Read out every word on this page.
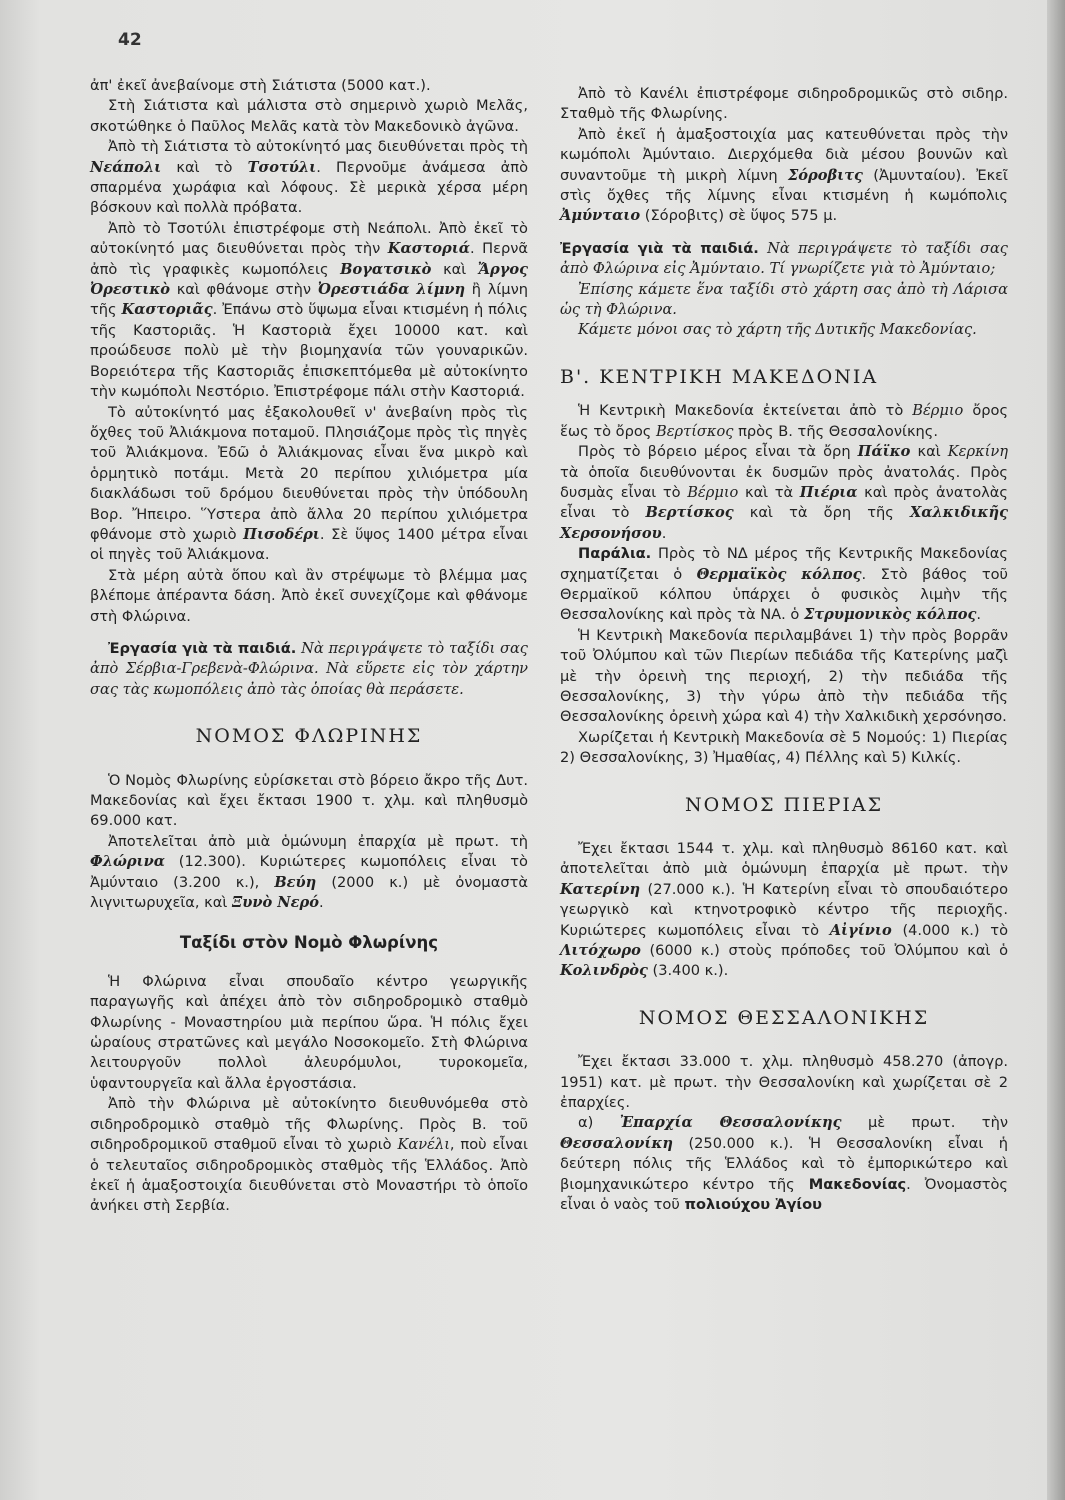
42

ἀπ' ἐκεῖ ἀνεβαίνομε στὴ Σιάτιστα (5000 κατ.).

Στὴ Σιάτιστα καὶ μάλιστα στὸ σημερινὸ χωριὸ Μελᾶς, σκοτώθηκε ὁ Παῦλος Μελᾶς κατὰ τὸν Μακεδονικὸ ἀγῶνα.

Ἀπὸ τὴ Σιάτιστα τὸ αὐτοκίνητό μας διευθύνεται πρὸς τὴ Νεάπολι καὶ τὸ Τσοτύλι. Περνοῦμε ἀνάμεσα ἀπὸ σπαρμένα χωράφια καὶ λόφους. Σὲ μερικὰ χέρσα μέρη βόσκουν καὶ πολλὰ πρόβατα.

Ἀπὸ τὸ Τσοτύλι ἐπιστρέφομε στὴ Νεάπολι. Ἀπὸ ἐκεῖ τὸ αὐτοκίνητό μας διευθύνεται πρὸς τὴν Καστοριά. Περνᾶ ἀπὸ τὶς γραφικὲς κωμοπόλεις Βογατσικὸ καὶ Ἄργος Ὀρεστικὸ καὶ φθάνομε στὴν Ὀρεστιάδα λίμνη ἢ λίμνη τῆς Καστοριᾶς. Ἐπάνω στὸ ὕψωμα εἶναι κτισμένη ἡ πόλις τῆς Καστοριᾶς. Ἡ Καστοριὰ ἔχει 10000 κατ. καὶ προώδευσε πολὺ μὲ τὴν βιομηχανία τῶν γουναρικῶν. Βορειότερα τῆς Καστοριᾶς ἐπισκεπτόμεθα μὲ αὐτοκίνητο τὴν κωμόπολι Νεστόριο. Ἐπιστρέφομε πάλι στὴν Καστοριά.

Τὸ αὐτοκίνητό μας ἐξακολουθεῖ ν' ἀνεβαίνη πρὸς τὶς ὄχθες τοῦ Ἀλιάκμονα ποταμοῦ. Πλησιάζομε πρὸς τὶς πηγὲς τοῦ Ἀλιάκμονα. Ἐδῶ ὁ Ἀλιάκμονας εἶναι ἕνα μικρὸ καὶ ὁρμητικὸ ποτάμι. Μετὰ 20 περίπου χιλιόμετρα μία διακλάδωσι τοῦ δρόμου διευθύνεται πρὸς τὴν ὑπόδουλη Βορ. Ἤπειρο. Ὕστερα ἀπὸ ἄλλα 20 περίπου χιλιόμετρα φθάνομε στὸ χωριὸ Πισοδέρι. Σὲ ὕψος 1400 μέτρα εἶναι οἱ πηγὲς τοῦ Ἀλιάκμονα.

Στὰ μέρη αὐτὰ ὅπου καὶ ἂν στρέψωμε τὸ βλέμμα μας βλέπομε ἀπέραντα δάση. Ἀπὸ ἐκεῖ συνεχίζομε καὶ φθάνομε στὴ Φλώρινα.

Ἐργασία γιὰ τὰ παιδιά. Νὰ περιγράψετε τὸ ταξίδι σας ἀπὸ Σέρβια-Γρεβενὰ-Φλώρινα. Νὰ εὕρετε εἰς τὸν χάρτην σας τὰς κωμοπόλεις ἀπὸ τὰς ὁποίας θὰ περάσετε.

ΝΟΜΟΣ ΦΛΩΡΙΝΗΣ

Ὁ Νομὸς Φλωρίνης εὑρίσκεται στὸ βόρειο ἄκρο τῆς Δυτ. Μακεδονίας καὶ ἔχει ἔκτασι 1900 τ. χλμ. καὶ πληθυσμὸ 69.000 κατ.

Ἀποτελεῖται ἀπὸ μιὰ ὁμώνυμη ἐπαρχία μὲ πρωτ. τὴ Φλώρινα (12.300). Κυριώτερες κωμοπόλεις εἶναι τὸ Ἀμύνταιο (3.200 κ.), Βεύη (2000 κ.) μὲ ὀνομαστὰ λιγνιτωρυχεῖα, καὶ Ξυνὸ Νερό.

Ταξίδι στὸν Νομὸ Φλωρίνης

Ἡ Φλώρινα εἶναι σπουδαῖο κέντρο γεωργικῆς παραγωγῆς καὶ ἀπέχει ἀπὸ τὸν σιδηροδρομικὸ σταθμὸ Φλωρίνης - Μοναστηρίου μιὰ περίπου ὥρα. Ἡ πόλις ἔχει ὡραίους στρατῶνες καὶ μεγάλο Νοσοκομεῖο. Στὴ Φλώρινα λειτουργοῦν πολλοὶ ἀλευρόμυλοι, τυροκομεῖα, ὑφαντουργεῖα καὶ ἄλλα ἐργοστάσια.

Ἀπὸ τὴν Φλώρινα μὲ αὐτοκίνητο διευθυνόμεθα στὸ σιδηροδρομικὸ σταθμὸ τῆς Φλωρίνης. Πρὸς Β. τοῦ σιδηροδρομικοῦ σταθμοῦ εἶναι τὸ χωριὸ Κανέλι, ποὺ εἶναι ὁ τελευταῖος σιδηροδρομικὸς σταθμὸς τῆς Ἑλλάδος. Ἀπὸ ἐκεῖ ἡ ἁμαξοστοιχία διευθύνεται στὸ Μοναστήρι τὸ ὁποῖο ἀνήκει στὴ Σερβία.

Ἀπὸ τὸ Κανέλι ἐπιστρέφομε σιδηροδρομικῶς στὸ σιδηρ. Σταθμὸ τῆς Φλωρίνης.

Ἀπὸ ἐκεῖ ἡ ἁμαξοστοιχία μας κατευθύνεται πρὸς τὴν κωμόπολι Ἀμύνταιο. Διερχόμεθα διὰ μέσου βουνῶν καὶ συναντοῦμε τὴ μικρὴ λίμνη Σόροβιτς (Ἀμυνταίου). Ἐκεῖ στὶς ὄχθες τῆς λίμνης εἶναι κτισμένη ἡ κωμόπολις Ἀμύνταιο (Σόροβιτς) σὲ ὕψος 575 μ.

Ἐργασία γιὰ τὰ παιδιά. Νὰ περιγράψετε τὸ ταξίδι σας ἀπὸ Φλώρινα εἰς Ἀμύνταιο. Τί γνωρίζετε γιὰ τὸ Ἀμύνταιο;

Ἐπίσης κάμετε ἕνα ταξίδι στὸ χάρτη σας ἀπὸ τὴ Λάρισα ὡς τὴ Φλώρινα.

Κάμετε μόνοι σας τὸ χάρτη τῆς Δυτικῆς Μακεδονίας.

Β'. ΚΕΝΤΡΙΚΗ ΜΑΚΕΔΟΝΙΑ

Ἡ Κεντρικὴ Μακεδονία ἐκτείνεται ἀπὸ τὸ Βέρμιο ὄρος ἕως τὸ ὄρος Βερτίσκος πρὸς Β. τῆς Θεσσαλονίκης.

Πρὸς τὸ βόρειο μέρος εἶναι τὰ ὄρη Πάϊκο καὶ Κερκίνη τὰ ὁποῖα διευθύνονται ἐκ δυσμῶν πρὸς ἀνατολάς. Πρὸς δυσμὰς εἶναι τὸ Βέρμιο καὶ τὰ Πιέρια καὶ πρὸς ἀνατολὰς εἶναι τὸ Βερτίσκος καὶ τὰ ὄρη τῆς Χαλκιδικῆς Χερσονήσου.

Παράλια. Πρὸς τὸ ΝΔ μέρος τῆς Κεντρικῆς Μακεδονίας σχηματίζεται ὁ Θερμαϊκὸς κόλπος. Στὸ βάθος τοῦ Θερμαϊκοῦ κόλπου ὑπάρχει ὁ φυσικὸς λιμὴν τῆς Θεσσαλονίκης καὶ πρὸς τὰ ΝΑ. ὁ Στρυμονικὸς κόλπος.

Ἡ Κεντρικὴ Μακεδονία περιλαμβάνει 1) τὴν πρὸς βορρᾶν τοῦ Ὀλύμπου καὶ τῶν Πιερίων πεδιάδα τῆς Κατερίνης μαζὶ μὲ τὴν ὀρεινὴ της περιοχή, 2) τὴν πεδιάδα τῆς Θεσσαλονίκης, 3) τὴν γύρω ἀπὸ τὴν πεδιάδα τῆς Θεσσαλονίκης ὀρεινὴ χώρα καὶ 4) τὴν Χαλκιδικὴ χερσόνησο.

Χωρίζεται ἡ Κεντρικὴ Μακεδονία σὲ 5 Νομούς: 1) Πιερίας 2) Θεσσαλονίκης, 3) Ἠμαθίας, 4) Πέλλης καὶ 5) Κιλκίς.

ΝΟΜΟΣ ΠΙΕΡΙΑΣ

Ἔχει ἔκτασι 1544 τ. χλμ. καὶ πληθυσμὸ 86160 κατ. καὶ ἀποτελεῖται ἀπὸ μιὰ ὁμώνυμη ἐπαρχία μὲ πρωτ. τὴν Κατερίνη (27.000 κ.). Ἡ Κατερίνη εἶναι τὸ σπουδαιότερο γεωργικὸ καὶ κτηνοτροφικὸ κέντρο τῆς περιοχῆς. Κυριώτερες κωμοπόλεις εἶναι τὸ Αἰγίνιο (4.000 κ.) τὸ Λιτόχωρο (6000 κ.) στοὺς πρόποδες τοῦ Ὀλύμπου καὶ ὁ Κολινδρὸς (3.400 κ.).

ΝΟΜΟΣ ΘΕΣΣΑΛΟΝΙΚΗΣ

Ἔχει ἔκτασι 33.000 τ. χλμ. πληθυσμὸ 458.270 (ἀπογρ. 1951) κατ. μὲ πρωτ. τὴν Θεσσαλονίκη καὶ χωρίζεται σὲ 2 ἐπαρχίες.

α) Ἐπαρχία Θεσσαλονίκης μὲ πρωτ. τὴν Θεσσαλονίκη (250.000 κ.). Ἡ Θεσσαλονίκη εἶναι ἡ δεύτερη πόλις τῆς Ἑλλάδος καὶ τὸ ἐμπορικώτερο καὶ βιομηχανικώτερο κέντρο τῆς Μακεδονίας. Ὀνομαστὸς εἶναι ὁ ναὸς τοῦ πολιούχου Ἁγίου
